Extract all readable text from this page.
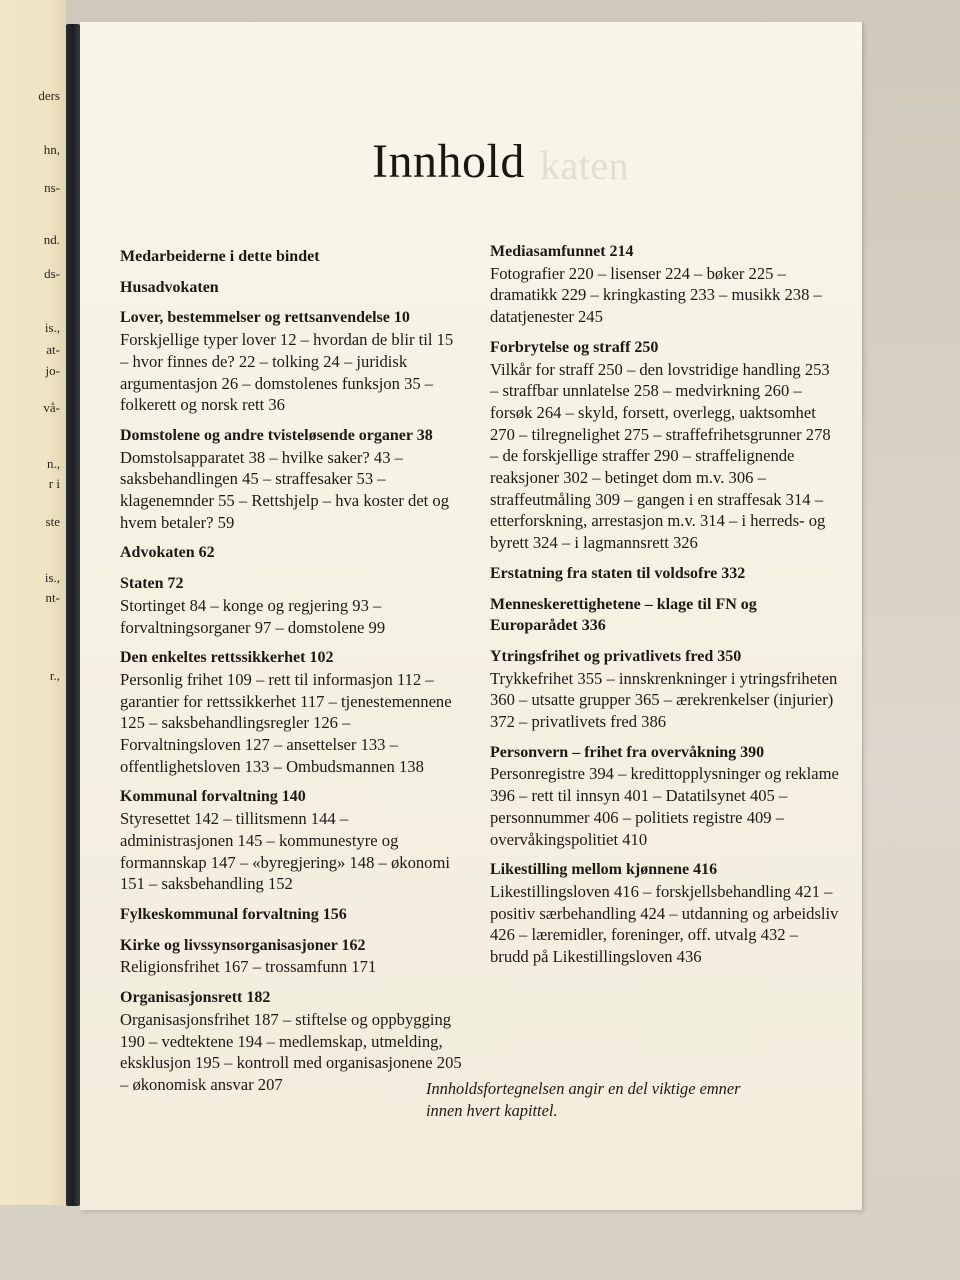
ders
hn,
ns-
nd.
ds-
is.,
at-
jo-
vå-
n.,
r i
ste
is.,
nt-
r.,
katen
Innhold
Medarbeiderne i dette bindet
Husadvokaten
Lover, bestemmelser og rettsanvendelse 10
Forskjellige typer lover 12 – hvordan de blir til 15 – hvor finnes de? 22 – tolking 24 – juridisk argumentasjon 26 – domstolenes funksjon 35 – folkerett og norsk rett 36
Domstolene og andre tvisteløsende organer 38
Domstolsapparatet 38 – hvilke saker? 43 – saksbehandlingen 45 – straffesaker 53 – klagenemnder 55 – Rettshjelp – hva koster det og hvem betaler? 59
Advokaten 62
Staten 72
Stortinget 84 – konge og regjering 93 – forvaltningsorganer 97 – domstolene 99
Den enkeltes rettssikkerhet 102
Personlig frihet 109 – rett til informasjon 112 – garantier for rettssikkerhet 117 – tjenestemennene 125 – saksbehandlingsregler 126 – Forvaltningsloven 127 – ansettelser 133 – offentlighetsloven 133 – Ombudsmannen 138
Kommunal forvaltning 140
Styresettet 142 – tillitsmenn 144 – administrasjonen 145 – kommunestyre og formannskap 147 – «byregjering» 148 – økonomi 151 – saksbehandling 152
Fylkeskommunal forvaltning 156
Kirke og livssynsorganisasjoner 162
Religionsfrihet 167 – trossamfunn 171
Organisasjonsrett 182
Organisasjonsfrihet 187 – stiftelse og oppbygging 190 – vedtektene 194 – medlemskap, utmelding, eksklusjon 195 – kontroll med organisasjonene 205 – økonomisk ansvar 207
Mediasamfunnet 214
Fotografier 220 – lisenser 224 – bøker 225 – dramatikk 229 – kringkasting 233 – musikk 238 – datatjenester 245
Forbrytelse og straff 250
Vilkår for straff 250 – den lovstridige handling 253 – straffbar unnlatelse 258 – medvirkning 260 – forsøk 264 – skyld, forsett, overlegg, uaktsomhet 270 – tilregnelighet 275 – straffefrihetsgrunner 278 – de forskjellige straffer 290 – straffelignende reaksjoner 302 – betinget dom m.v. 306 – straffeutmåling 309 – gangen i en straffesak 314 – etterforskning, arrestasjon m.v. 314 – i herreds- og byrett 324 – i lagmannsrett 326
Erstatning fra staten til voldsofre 332
Menneskerettighetene – klage til FN og Europarådet 336
Ytringsfrihet og privatlivets fred 350
Trykkefrihet 355 – innskrenkninger i ytringsfriheten 360 – utsatte grupper 365 – ærekrenkelser (injurier) 372 – privatlivets fred 386
Personvern – frihet fra overvåkning 390
Personregistre 394 – kredittopplysninger og reklame 396 – rett til innsyn 401 – Datatilsynet 405 – personnummer 406 – politiets registre 409 – overvåkingspolitiet 410
Likestilling mellom kjønnene 416
Likestillingsloven 416 – forskjellsbehandling 421 – positiv særbehandling 424 – utdanning og arbeidsliv 426 – læremidler, foreninger, off. utvalg 432 – brudd på Likestillingsloven 436
Innholdsfortegnelsen angir en del viktige emner innen hvert kapittel.
